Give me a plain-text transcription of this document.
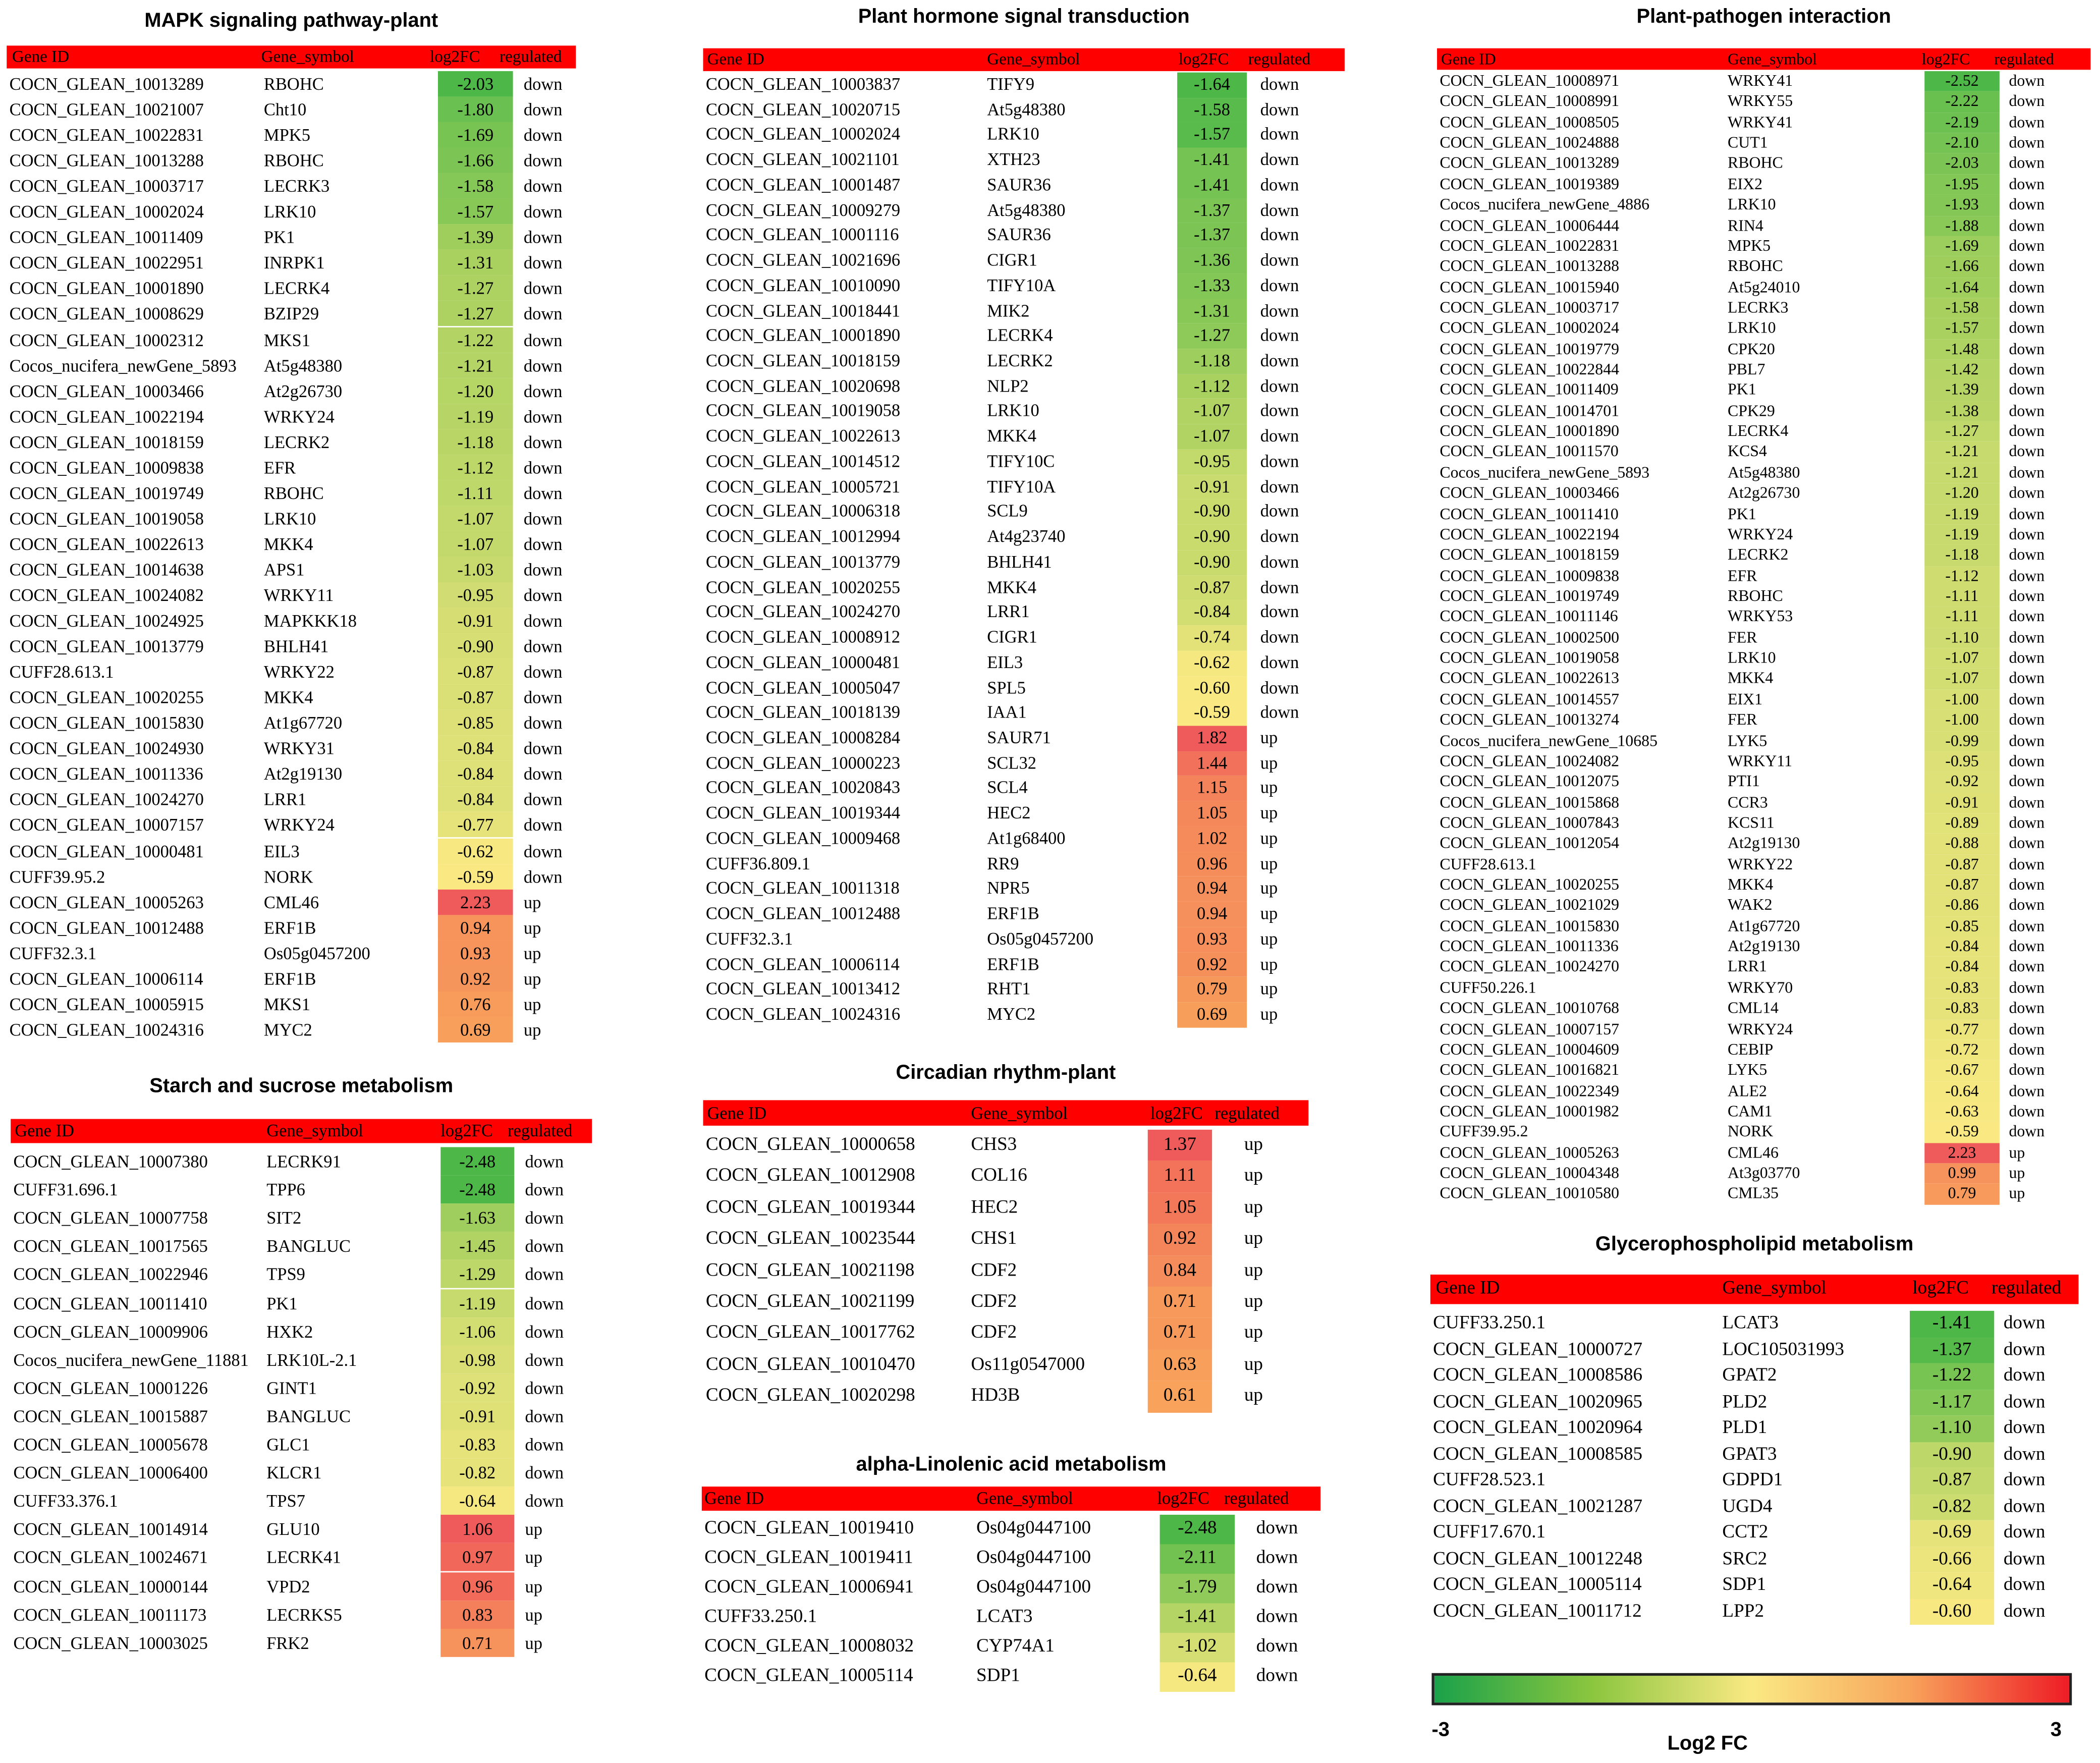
-3	3
Log2 FC
MAPK signaling pathway-plant
Gene ID	Gene_symbol	log2FC	regulated
COCN_GLEAN_10013289	RBOHC	-2.03	down
COCN_GLEAN_10021007	Cht10	-1.80	down
COCN_GLEAN_10022831	MPK5	-1.69	down
COCN_GLEAN_10013288	RBOHC	-1.66	down
COCN_GLEAN_10003717	LECRK3	-1.58	down
COCN_GLEAN_10002024	LRK10	-1.57	down
COCN_GLEAN_10011409	PK1	-1.39	down
COCN_GLEAN_10022951	INRPK1	-1.31	down
COCN_GLEAN_10001890	LECRK4	-1.27	down
COCN_GLEAN_10008629	BZIP29	-1.27	down
COCN_GLEAN_10002312	MKS1	-1.22	down
Cocos_nucifera_newGene_5893	At5g48380	-1.21	down
COCN_GLEAN_10003466	At2g26730	-1.20	down
COCN_GLEAN_10022194	WRKY24	-1.19	down
COCN_GLEAN_10018159	LECRK2	-1.18	down
COCN_GLEAN_10009838	EFR	-1.12	down
COCN_GLEAN_10019749	RBOHC	-1.11	down
COCN_GLEAN_10019058	LRK10	-1.07	down
COCN_GLEAN_10022613	MKK4	-1.07	down
COCN_GLEAN_10014638	APS1	-1.03	down
COCN_GLEAN_10024082	WRKY11	-0.95	down
COCN_GLEAN_10024925	MAPKKK18	-0.91	down
COCN_GLEAN_10013779	BHLH41	-0.90	down
CUFF28.613.1	WRKY22	-0.87	down
COCN_GLEAN_10020255	MKK4	-0.87	down
COCN_GLEAN_10015830	At1g67720	-0.85	down
COCN_GLEAN_10024930	WRKY31	-0.84	down
COCN_GLEAN_10011336	At2g19130	-0.84	down
COCN_GLEAN_10024270	LRR1	-0.84	down
COCN_GLEAN_10007157	WRKY24	-0.77	down
COCN_GLEAN_10000481	EIL3	-0.62	down
CUFF39.95.2	NORK	-0.59	down
COCN_GLEAN_10005263	CML46	2.23	up
COCN_GLEAN_10012488	ERF1B	0.94	up
CUFF32.3.1	Os05g0457200	0.93	up
COCN_GLEAN_10006114	ERF1B	0.92	up
COCN_GLEAN_10005915	MKS1	0.76	up
COCN_GLEAN_10024316	MYC2	0.69	up
Plant hormone signal transduction
Gene ID	Gene_symbol	log2FC	regulated
COCN_GLEAN_10003837	TIFY9	-1.64	down
COCN_GLEAN_10020715	At5g48380	-1.58	down
COCN_GLEAN_10002024	LRK10	-1.57	down
COCN_GLEAN_10021101	XTH23	-1.41	down
COCN_GLEAN_10001487	SAUR36	-1.41	down
COCN_GLEAN_10009279	At5g48380	-1.37	down
COCN_GLEAN_10001116	SAUR36	-1.37	down
COCN_GLEAN_10021696	CIGR1	-1.36	down
COCN_GLEAN_10010090	TIFY10A	-1.33	down
COCN_GLEAN_10018441	MIK2	-1.31	down
COCN_GLEAN_10001890	LECRK4	-1.27	down
COCN_GLEAN_10018159	LECRK2	-1.18	down
COCN_GLEAN_10020698	NLP2	-1.12	down
COCN_GLEAN_10019058	LRK10	-1.07	down
COCN_GLEAN_10022613	MKK4	-1.07	down
COCN_GLEAN_10014512	TIFY10C	-0.95	down
COCN_GLEAN_10005721	TIFY10A	-0.91	down
COCN_GLEAN_10006318	SCL9	-0.90	down
COCN_GLEAN_10012994	At4g23740	-0.90	down
COCN_GLEAN_10013779	BHLH41	-0.90	down
COCN_GLEAN_10020255	MKK4	-0.87	down
COCN_GLEAN_10024270	LRR1	-0.84	down
COCN_GLEAN_10008912	CIGR1	-0.74	down
COCN_GLEAN_10000481	EIL3	-0.62	down
COCN_GLEAN_10005047	SPL5	-0.60	down
COCN_GLEAN_10018139	IAA1	-0.59	down
COCN_GLEAN_10008284	SAUR71	1.82	up
COCN_GLEAN_10000223	SCL32	1.44	up
COCN_GLEAN_10020843	SCL4	1.15	up
COCN_GLEAN_10019344	HEC2	1.05	up
COCN_GLEAN_10009468	At1g68400	1.02	up
CUFF36.809.1	RR9	0.96	up
COCN_GLEAN_10011318	NPR5	0.94	up
COCN_GLEAN_10012488	ERF1B	0.94	up
CUFF32.3.1	Os05g0457200	0.93	up
COCN_GLEAN_10006114	ERF1B	0.92	up
COCN_GLEAN_10013412	RHT1	0.79	up
COCN_GLEAN_10024316	MYC2	0.69	up
Plant-pathogen interaction
Gene ID	Gene_symbol	log2FC	regulated
COCN_GLEAN_10008971	WRKY41	-2.52	down
COCN_GLEAN_10008991	WRKY55	-2.22	down
COCN_GLEAN_10008505	WRKY41	-2.19	down
COCN_GLEAN_10024888	CUT1	-2.10	down
COCN_GLEAN_10013289	RBOHC	-2.03	down
COCN_GLEAN_10019389	EIX2	-1.95	down
Cocos_nucifera_newGene_4886	LRK10	-1.93	down
COCN_GLEAN_10006444	RIN4	-1.88	down
COCN_GLEAN_10022831	MPK5	-1.69	down
COCN_GLEAN_10013288	RBOHC	-1.66	down
COCN_GLEAN_10015940	At5g24010	-1.64	down
COCN_GLEAN_10003717	LECRK3	-1.58	down
COCN_GLEAN_10002024	LRK10	-1.57	down
COCN_GLEAN_10019779	CPK20	-1.48	down
COCN_GLEAN_10022844	PBL7	-1.42	down
COCN_GLEAN_10011409	PK1	-1.39	down
COCN_GLEAN_10014701	CPK29	-1.38	down
COCN_GLEAN_10001890	LECRK4	-1.27	down
COCN_GLEAN_10011570	KCS4	-1.21	down
Cocos_nucifera_newGene_5893	At5g48380	-1.21	down
COCN_GLEAN_10003466	At2g26730	-1.20	down
COCN_GLEAN_10011410	PK1	-1.19	down
COCN_GLEAN_10022194	WRKY24	-1.19	down
COCN_GLEAN_10018159	LECRK2	-1.18	down
COCN_GLEAN_10009838	EFR	-1.12	down
COCN_GLEAN_10019749	RBOHC	-1.11	down
COCN_GLEAN_10011146	WRKY53	-1.11	down
COCN_GLEAN_10002500	FER	-1.10	down
COCN_GLEAN_10019058	LRK10	-1.07	down
COCN_GLEAN_10022613	MKK4	-1.07	down
COCN_GLEAN_10014557	EIX1	-1.00	down
COCN_GLEAN_10013274	FER	-1.00	down
Cocos_nucifera_newGene_10685	LYK5	-0.99	down
COCN_GLEAN_10024082	WRKY11	-0.95	down
COCN_GLEAN_10012075	PTI1	-0.92	down
COCN_GLEAN_10015868	CCR3	-0.91	down
COCN_GLEAN_10007843	KCS11	-0.89	down
COCN_GLEAN_10012054	At2g19130	-0.88	down
CUFF28.613.1	WRKY22	-0.87	down
COCN_GLEAN_10020255	MKK4	-0.87	down
COCN_GLEAN_10021029	WAK2	-0.86	down
COCN_GLEAN_10015830	At1g67720	-0.85	down
COCN_GLEAN_10011336	At2g19130	-0.84	down
COCN_GLEAN_10024270	LRR1	-0.84	down
CUFF50.226.1	WRKY70	-0.83	down
COCN_GLEAN_10010768	CML14	-0.83	down
COCN_GLEAN_10007157	WRKY24	-0.77	down
COCN_GLEAN_10004609	CEBIP	-0.72	down
COCN_GLEAN_10016821	LYK5	-0.67	down
COCN_GLEAN_10022349	ALE2	-0.64	down
COCN_GLEAN_10001982	CAM1	-0.63	down
CUFF39.95.2	NORK	-0.59	down
COCN_GLEAN_10005263	CML46	2.23	up
COCN_GLEAN_10004348	At3g03770	0.99	up
COCN_GLEAN_10010580	CML35	0.79	up
Starch and sucrose metabolism
Gene ID	Gene_symbol	log2FC regulated
COCN_GLEAN_10007380	LECRK91	-2.48	down
CUFF31.696.1	TPP6	-2.48	down
COCN_GLEAN_10007758	SIT2	-1.63	down
COCN_GLEAN_10017565	BANGLUC	-1.45	down
COCN_GLEAN_10022946	TPS9	-1.29	down
COCN_GLEAN_10011410	PK1	-1.19	down
COCN_GLEAN_10009906	HXK2	-1.06	down
Cocos_nucifera_newGene_11881	LRK10L-2.1	-0.98	down
COCN_GLEAN_10001226	GINT1	-0.92	down
COCN_GLEAN_10015887	BANGLUC	-0.91	down
COCN_GLEAN_10005678	GLC1	-0.83	down
COCN_GLEAN_10006400	KLCR1	-0.82	down
CUFF33.376.1	TPS7	-0.64	down
COCN_GLEAN_10014914	GLU10	1.06	up
COCN_GLEAN_10024671	LECRK41	0.97	up
COCN_GLEAN_10000144	VPD2	0.96	up
COCN_GLEAN_10011173	LECRKS5	0.83	up
COCN_GLEAN_10003025	FRK2	0.71	up
Circadian rhythm-plant
Gene ID	Gene_symbol	log2FC regulated
COCN_GLEAN_10000658	CHS3	1.37	up
COCN_GLEAN_10012908	COL16	1.11	up
COCN_GLEAN_10019344	HEC2	1.05	up
COCN_GLEAN_10023544	CHS1	0.92	up
COCN_GLEAN_10021198	CDF2	0.84	up
COCN_GLEAN_10021199	CDF2	0.71	up
COCN_GLEAN_10017762	CDF2	0.71	up
COCN_GLEAN_10010470	Os11g0547000	0.63	up
COCN_GLEAN_10020298	HD3B	0.61	up
alpha-Linolenic acid metabolism
Gene ID	Gene_symbol	log2FC regulated
COCN_GLEAN_10019410	Os04g0447100	-2.48	down
COCN_GLEAN_10019411	Os04g0447100	-2.11	down
COCN_GLEAN_10006941	Os04g0447100	-1.79	down
CUFF33.250.1	LCAT3	-1.41	down
COCN_GLEAN_10008032	CYP74A1	-1.02	down
COCN_GLEAN_10005114	SDP1	-0.64	down
Glycerophospholipid metabolism
Gene ID	Gene_symbol	log2FC	regulated
CUFF33.250.1	LCAT3	-1.41	down
COCN_GLEAN_10000727	LOC105031993	-1.37	down
COCN_GLEAN_10008586	GPAT2	-1.22	down
COCN_GLEAN_10020965	PLD2	-1.17	down
COCN_GLEAN_10020964	PLD1	-1.10	down
COCN_GLEAN_10008585	GPAT3	-0.90	down
CUFF28.523.1	GDPD1	-0.87	down
COCN_GLEAN_10021287	UGD4	-0.82	down
CUFF17.670.1	CCT2	-0.69	down
COCN_GLEAN_10012248	SRC2	-0.66	down
COCN_GLEAN_10005114	SDP1	-0.64	down
COCN_GLEAN_10011712	LPP2	-0.60	down
